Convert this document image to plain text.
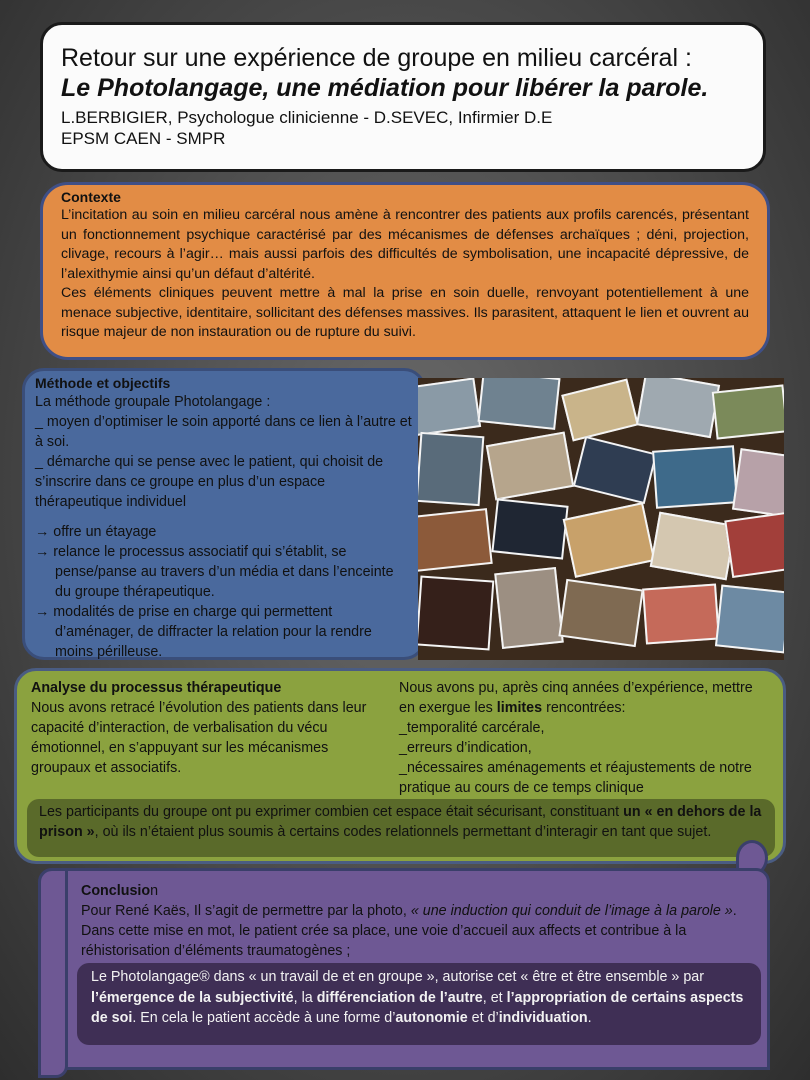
Retour sur une expérience de groupe en milieu carcéral :
Le Photolangage, une médiation pour libérer la parole.
L.BERBIGIER, Psychologue clinicienne - D.SEVEC, Infirmier D.E
EPSM CAEN - SMPR
Contexte

L’incitation au soin en milieu carcéral nous amène à rencontrer des patients aux profils carencés, présentant un fonctionnement psychique caractérisé par des mécanismes de défenses archaïques ; déni, projection, clivage, recours à l’agir… mais aussi parfois des difficultés de symbolisation, une incapacité dépressive, de l’alexithymie ainsi qu’un défaut d’altérité.

Ces éléments cliniques peuvent mettre à mal la prise en soin duelle, renvoyant potentiellement à une menace subjective, identitaire, sollicitant des défenses massives. Ils parasitent, attaquent le lien et ouvrent au risque majeur de non instauration ou de rupture du suivi.

Méthode et objectifs

La méthode groupale Photolangage :

_ moyen d’optimiser le soin apporté dans ce lien à l’autre et à soi.

_ démarche qui se pense avec le patient, qui choisit de s’inscrire dans ce groupe en plus d’un espace thérapeutique individuel

→ offre un étayage

→ relance le processus associatif qui s’établit, se pense/panse au travers d’un média et dans l’enceinte du groupe thérapeutique.

→ modalités de prise en charge qui permettent d’aménager, de diffracter la relation pour la rendre moins périlleuse.

Analyse du processus thérapeutique

Nous avons retracé l’évolution des patients dans leur capacité d’interaction, de verbalisation du vécu émotionnel, en s’appuyant sur les mécanismes groupaux et associatifs.

Nous avons pu, après cinq années d’expérience, mettre en exergue les limites rencontrées:

_temporalité carcérale,

_erreurs d’indication,

_nécessaires aménagements et réajustements de notre pratique au cours de ce temps clinique

Les participants du groupe ont pu exprimer combien cet espace était sécurisant, constituant un « en dehors de la prison », où ils n’étaient plus soumis à certains codes relationnels permettant d’interagir en tant que sujet.

Conclusion

Pour René Kaës, Il s’agit de permettre par la photo, « une induction qui conduit de l’image à la parole ». Dans cette mise en mot, le patient crée sa place, une voie d’accueil aux affects et contribue à la réhistorisation d’éléments traumatogènes ;

Le Photolangage® dans « un travail de et en groupe », autorise cet « être et être ensemble » par l’émergence de la subjectivité, la différenciation de l’autre, et l’appropriation de certains aspects de soi. En cela le patient accède à une forme d’autonomie et d’individuation.
